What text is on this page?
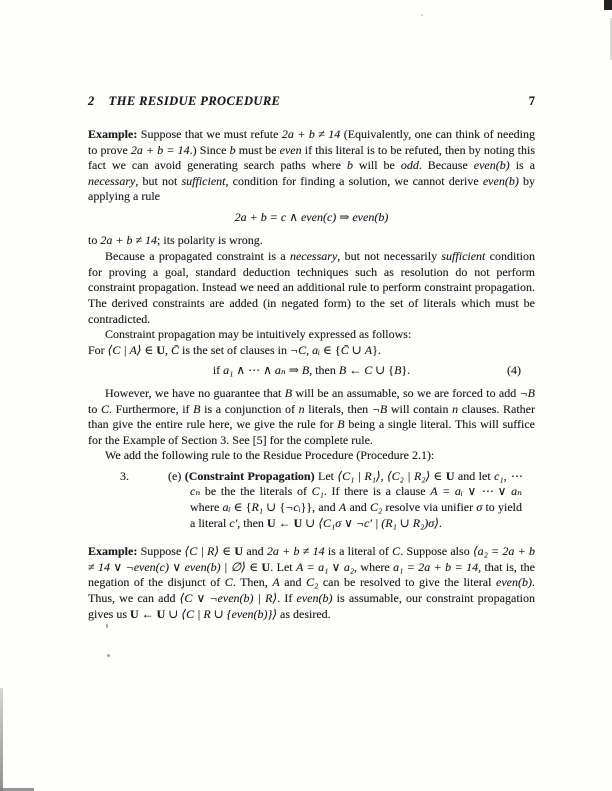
2 THE RESIDUE PROCEDURE	7

Example: Suppose that we must refute 2a + b ≠ 14 (Equivalently, one can think of needing to prove 2a + b = 14.) Since b must be even if this literal is to be refuted, then by noting this fact we can avoid generating search paths where b will be odd. Because even(b) is a necessary, but not sufficient, condition for finding a solution, we cannot derive even(b) by applying a rule

2a + b = c ∧ even(c) ⇒ even(b)

to 2a + b ≠ 14; its polarity is wrong.

Because a propagated constraint is a necessary, but not necessarily sufficient condition for proving a goal, standard deduction techniques such as resolution do not perform constraint propagation. Instead we need an additional rule to perform constraint propagation. The derived constraints are added (in negated form) to the set of literals which must be contradicted.

Constraint propagation may be intuitively expressed as follows:

For ⟨C | A⟩ ∈ U, C̄ is the set of clauses in ¬C, aᵢ ∈ {C̄ ∪ A}.

if a₁ ∧ ⋯ ∧ aₙ ⇒ B, then B ← C ∪ {B}.	(4)

However, we have no guarantee that B will be an assumable, so we are forced to add ¬B to C. Furthermore, if B is a conjunction of n literals, then ¬B will contain n clauses. Rather than give the entire rule here, we give the rule for B being a single literal. This will suffice for the Example of Section 3. See [5] for the complete rule.

We add the following rule to the Residue Procedure (Procedure 2.1):

3.	(e) (Constraint Propagation) Let ⟨C₁ | R₁⟩, ⟨C₂ | R₂⟩ ∈ U and let c₁, ⋯ cₙ be the the literals of C₁. If there is a clause A = aᵢ ∨ ⋯ ∨ aₙ where aᵢ ∈ {R₁ ∪ {¬cᵢ}}, and A and C₂ resolve via unifier σ to yield a literal c′, then U ← U ∪ ⟨C₁σ ∨ ¬c′ | (R₁ ∪ R₂)σ⟩.

Example: Suppose ⟨C | R⟩ ∈ U and 2a + b ≠ 14 is a literal of C. Suppose also ⟨a₂ = 2a + b ≠ 14 ∨ ¬even(c) ∨ even(b) | ∅⟩ ∈ U. Let A = a₁ ∨ a₂, where a₁ = 2a + b = 14, that is, the negation of the disjunct of C. Then, A and C₂ can be resolved to give the literal even(b). Thus, we can add ⟨C ∨ ¬even(b) | R⟩. If even(b) is assumable, our constraint propagation gives us U ← U ∪ ⟨C | R ∪ {even(b)}⟩ as desired.
